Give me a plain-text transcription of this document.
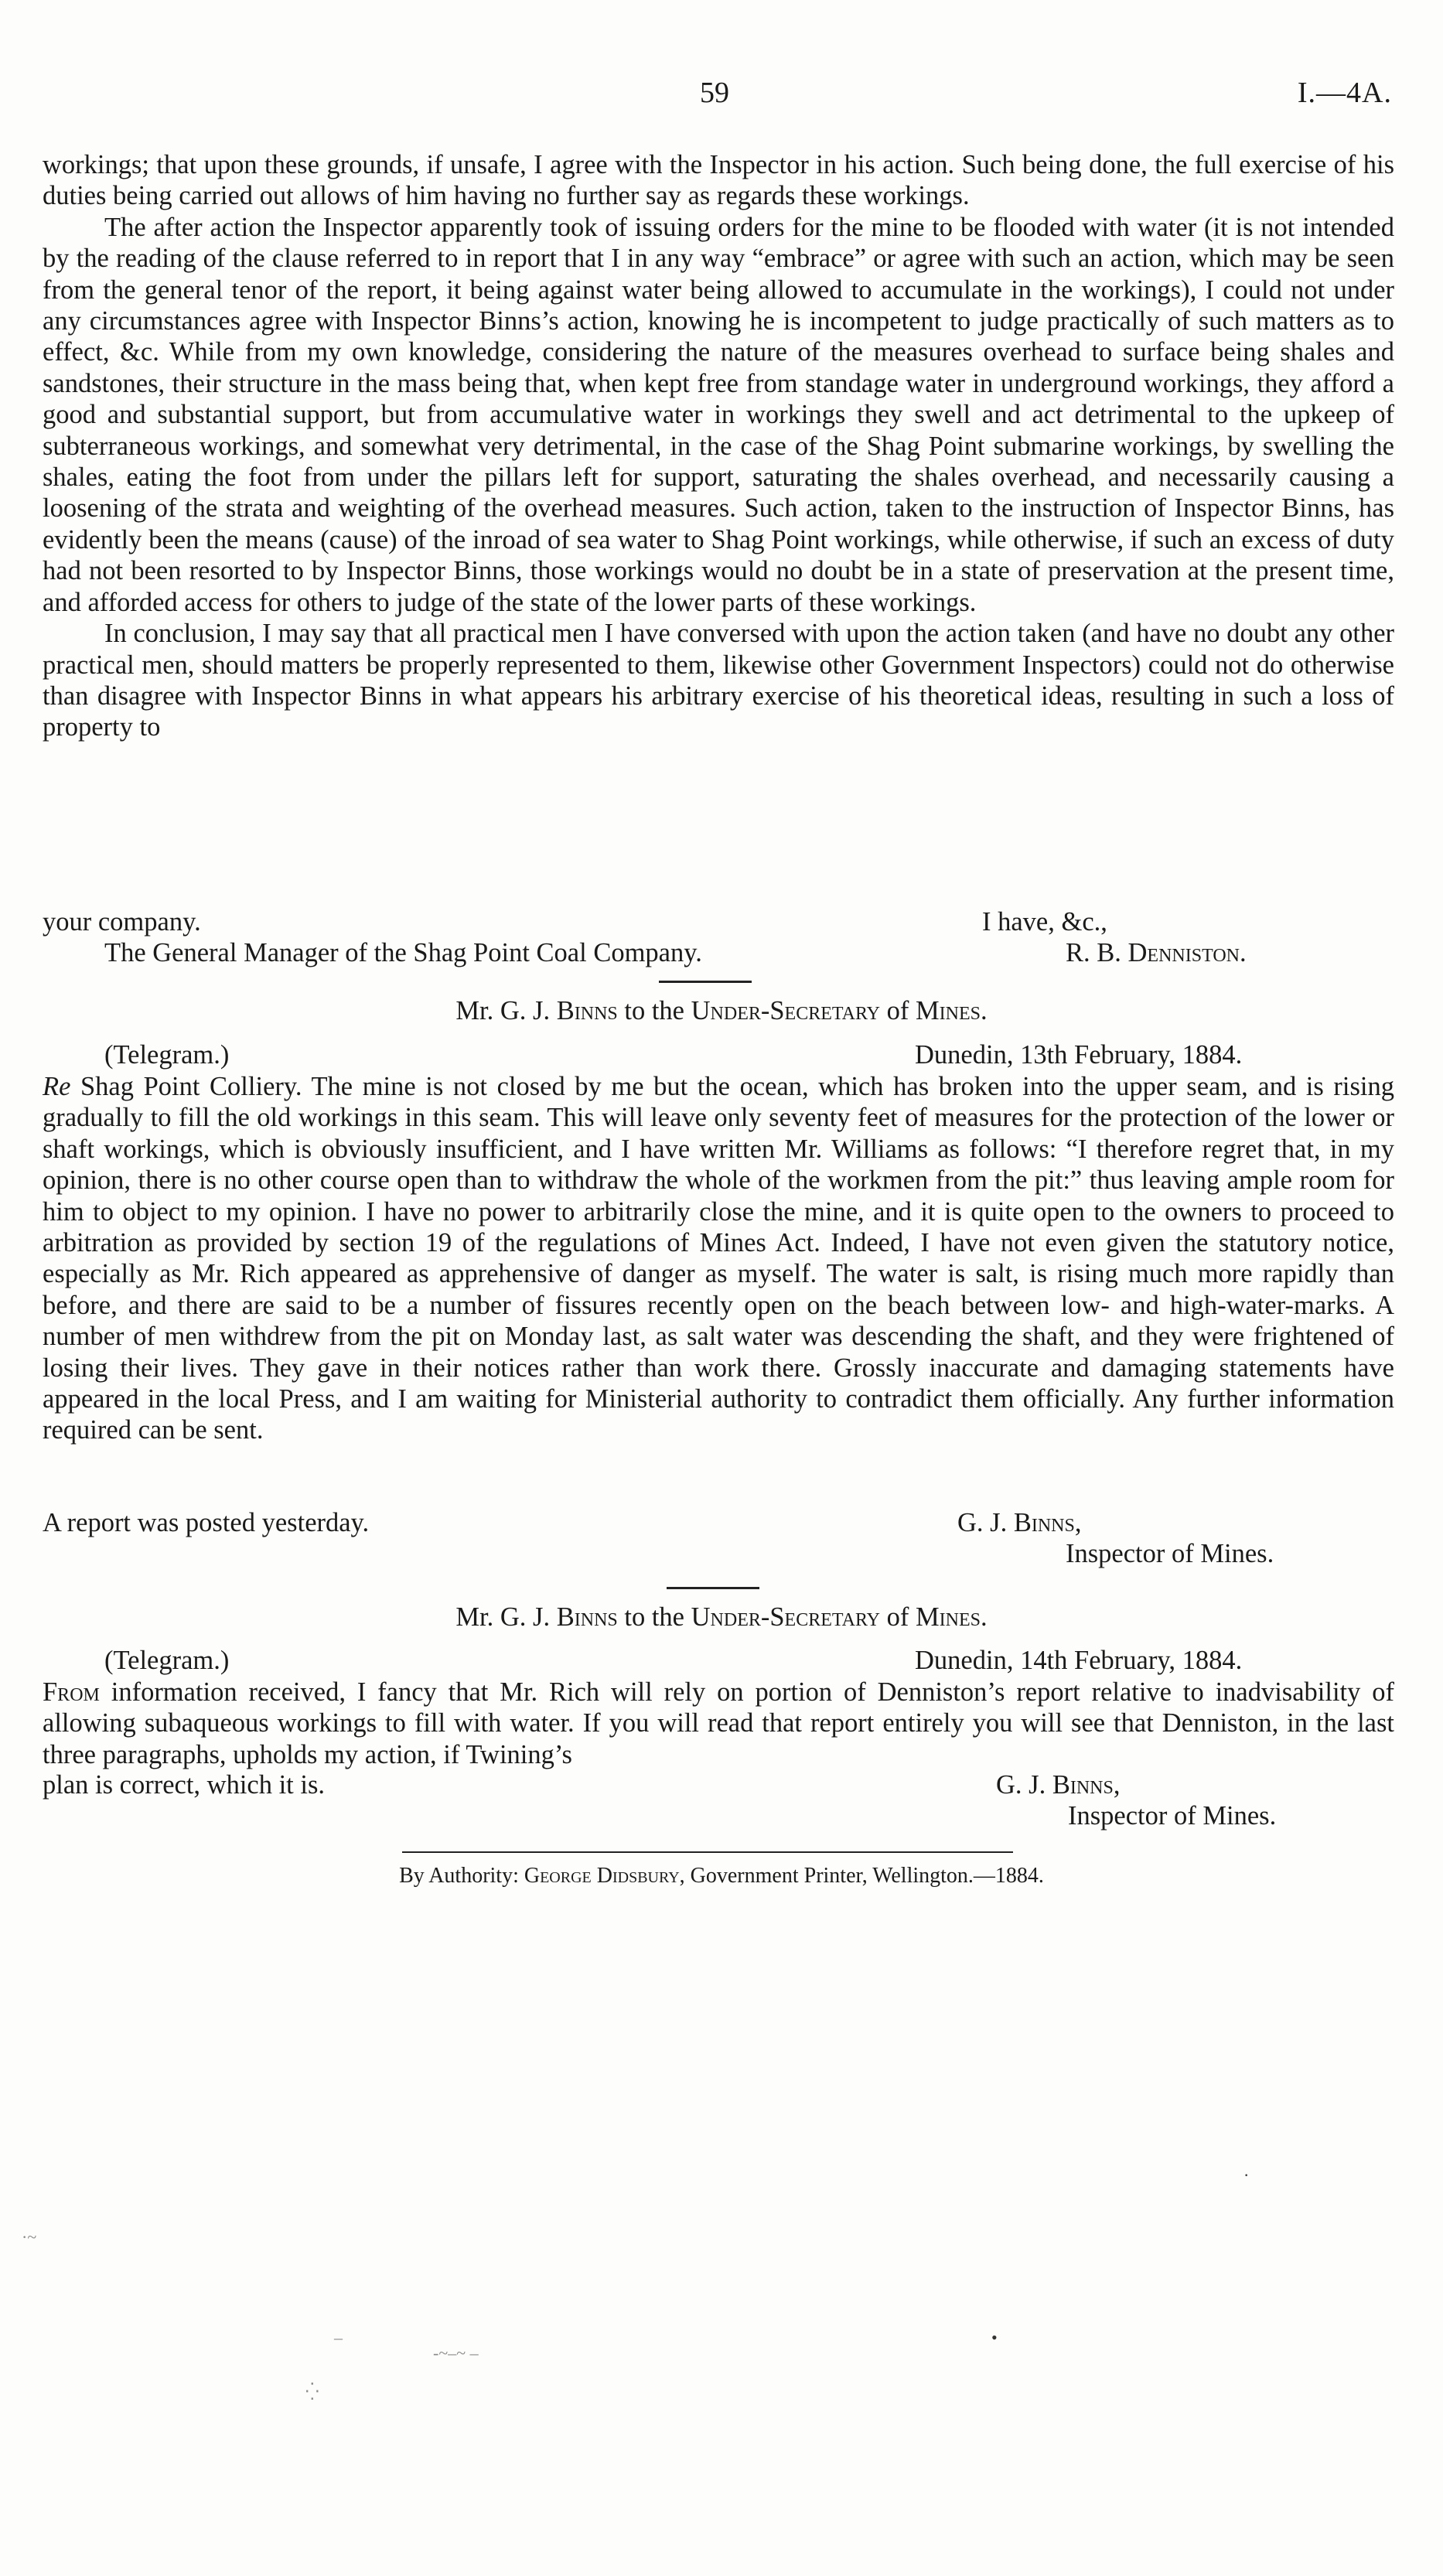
59	I.—4A.

workings; that upon these grounds, if unsafe, I agree with the Inspector in his action. Such being done, the full exercise of his duties being carried out allows of him having no further say as regards these workings.

The after action the Inspector apparently took of issuing orders for the mine to be flooded with water (it is not intended by the reading of the clause referred to in report that I in any way “embrace” or agree with such an action, which may be seen from the general tenor of the report, it being against water being allowed to accumulate in the workings), I could not under any circumstances agree with Inspector Binns’s action, knowing he is incompetent to judge practically of such matters as to effect, &c. While from my own knowledge, considering the nature of the measures overhead to surface being shales and sandstones, their structure in the mass being that, when kept free from standage water in underground workings, they afford a good and substantial support, but from accumulative water in workings they swell and act detrimental to the upkeep of subterraneous workings, and somewhat very detrimental, in the case of the Shag Point submarine workings, by swelling the shales, eating the foot from under the pillars left for support, saturating the shales overhead, and necessarily causing a loosening of the strata and weighting of the overhead measures. Such action, taken to the instruction of Inspector Binns, has evidently been the means (cause) of the inroad of sea water to Shag Point workings, while otherwise, if such an excess of duty had not been resorted to by Inspector Binns, those workings would no doubt be in a state of preservation at the present time, and afforded access for others to judge of the state of the lower parts of these workings.

In conclusion, I may say that all practical men I have conversed with upon the action taken (and have no doubt any other practical men, should matters be properly represented to them, likewise other Government Inspectors) could not do otherwise than disagree with Inspector Binns in what appears his arbitrary exercise of his theoretical ideas, resulting in such a loss of property to

your company.	I have, &c.,
The General Manager of the Shag Point Coal Company.	R. B. Denniston.
Mr. G. J. Binns to the Under-Secretary of Mines.
(Telegram.)	Dunedin, 13th February, 1884.

Re Shag Point Colliery. The mine is not closed by me but the ocean, which has broken into the upper seam, and is rising gradually to fill the old workings in this seam. This will leave only seventy feet of measures for the protection of the lower or shaft workings, which is obviously insufficient, and I have written Mr. Williams as follows: “I therefore regret that, in my opinion, there is no other course open than to withdraw the whole of the workmen from the pit:” thus leaving ample room for him to object to my opinion. I have no power to arbitrarily close the mine, and it is quite open to the owners to proceed to arbitration as provided by section 19 of the regulations of Mines Act. Indeed, I have not even given the statutory notice, especially as Mr. Rich appeared as apprehensive of danger as myself. The water is salt, is rising much more rapidly than before, and there are said to be a number of fissures recently open on the beach between low- and high-water-marks. A number of men withdrew from the pit on Monday last, as salt water was descending the shaft, and they were frightened of losing their lives. They gave in their notices rather than work there. Grossly inaccurate and damaging statements have appeared in the local Press, and I am waiting for Ministerial authority to contradict them officially. Any further information required can be sent.

A report was posted yesterday.	G. J. Binns,
Inspector of Mines.
Mr. G. J. Binns to the Under-Secretary of Mines.
(Telegram.)	Dunedin, 14th February, 1884.

From information received, I fancy that Mr. Rich will rely on portion of Denniston’s report relative to inadvisability of allowing subaqueous workings to fill with water. If you will read that report entirely you will see that Denniston, in the last three paragraphs, upholds my action, if Twining’s

plan is correct, which it is.	G. J. Binns,
Inspector of Mines.
By Authority: George Didsbury, Government Printer, Wellington.—1884.
·~
–
-~‒~ ‒
⁛
•
·
